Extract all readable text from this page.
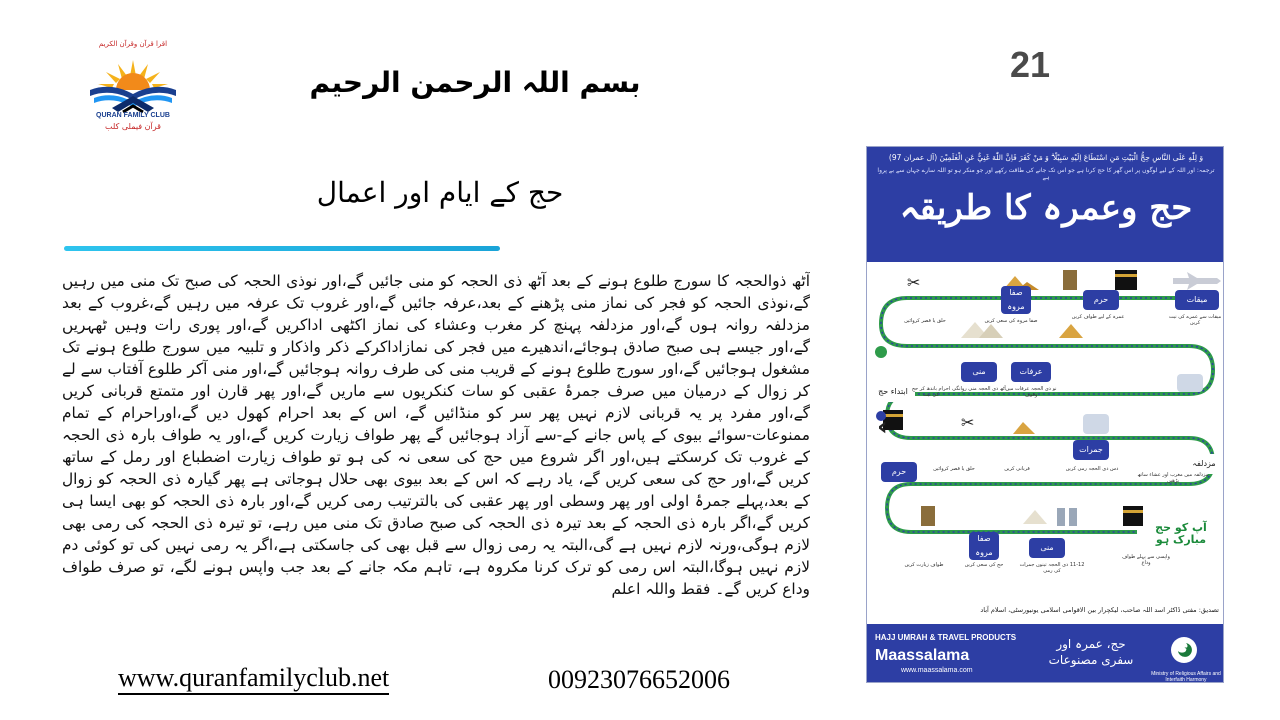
اقرا قرآن وقرآن الکریم
QURAN FAMILY CLUB
قرآن فیملی کلب
بسم اللہ الرحمن الرحیم	21
حج کے ایام اور اعمال
آٹھ ذوالحجہ کا سورج طلوع ہونے کے بعد آٹھ ذی الحجہ کو منی جائیں گے،اور نوذی الحجہ کی صبح تک منی میں رہیں گے،نوذی الحجہ کو فجر کی نماز منی پڑھنے کے بعد،عرفہ جائیں گے،اور غروب تک عرفہ میں رہیں گے،غروب کے بعد مزدلفہ روانہ ہوں گے،اور مزدلفہ پہنچ کر مغرب وعشاء کی نماز اکٹھی اداکریں گے،اور پوری رات وہیں ٹھہریں گے،اور جیسے ہی صبح صادق ہوجائے،اندھیرے میں فجر کی نمازاداکرکے ذکر واذکار و تلبیہ میں سورج طلوع ہونے تک مشغول ہوجائیں گے،اور سورج طلوع ہونے کے قریب منی کی طرف روانہ ہوجائیں گے،اور منی آکر طلوع آفتاب سے لے کر زوال کے درمیان میں صرف جمرۂ عقبی کو سات کنکریوں سے ماریں گے،اور پھر قارن اور متمتع قربانی کریں گے،اور مفرد پر یہ قربانی لازم نہیں پھر سر کو منڈائیں گے، اس کے بعد احرام کھول دیں گے،اوراحرام کے تمام ممنوعات-سوائے بیوی کے پاس جانے کے-سے آزاد ہوجائیں گے پھر طواف زیارت کریں گے،اور یہ طواف بارہ ذی الحجہ کے غروب تک کرسکتے ہیں،اور اگر شروع میں حج کی سعی نہ کی ہو تو طواف زیارت اضطباع اور رمل کے ساتھ کریں گے،اور حج کی سعی کریں گے، یاد رہے کہ اس کے بعد بیوی بھی حلال ہوجاتی ہے پھر گیارہ ذی الحجہ کو زوال کے بعد،پہلے جمرۂ اولی اور پھر وسطی اور پھر عقبی کی بالترتیب رمی کریں گے،اور بارہ ذی الحجہ کو بھی ایسا ہی کریں گے،اگر بارہ ذی الحجہ کے بعد تیرہ ذی الحجہ کی صبح صادق تک منی میں رہے، تو تیرہ ذی الحجہ کی رمی بھی لازم ہوگی،ورنہ لازم نہیں ہے گی،البتہ یہ رمی زوال سے قبل بھی کی جاسکتی ہے،اگر یہ رمی نہیں کی تو کوئی دم لازم نہیں ہوگا،البتہ اس رمی کو ترک کرنا مکروہ ہے، تاہم مکہ جانے کے بعد جب واپس ہونے لگے، تو صرف طواف وداع کریں گے۔ فقط واللہ اعلم
www.quranfamilyclub.net	00923076652006
وَ لِلّٰهِ عَلَى النَّاسِ حِجُّ الْبَيْتِ مَنِ اسْتَطَاعَ اِلَيْهِ سَبِيْلًا ۗ وَ مَنْ كَفَرَ فَاِنَّ اللّٰهَ غَنِيٌّ عَنِ الْعٰلَمِيْنَ (آل عمران 97)
ترجمہ: اور اللہ کے لیے لوگوں پر اس گھر کا حج کرنا ہے جو اس تک جانے کی طاقت رکھے اور جو منکر ہو تو اللہ سارے جہان سے بے پروا ہے
حج وعمرہ کا طریقہ
✂
✂
‹
میقات
حرم
صفا مروہ
میقات سے عمرے کی نیت کریں
عمرہ کے لیے طواف کریں
صفا مروہ کی سعی کریں
حلق یا قصر کروائیں
عرفات
منی
ابتداء حج	نو ذی الحجہ عرفات میں وقوف
آٹھ ذی الحجہ منی روانگی
احرام باندھ کر حج کی نیت
مزدلفہ
جمرات
حرم	مزدلفہ میں مغرب اور عشاء ساتھ پڑھیں
دس ذی الحجہ رمی کریں
قربانی کریں
حلق یا قصر کروائیں
منی
صفا مروہ	واپسی سے پہلے طواف وداع
11-12 ذی الحجہ تینوں جمرات کی رمی
حج کی سعی کریں
طواف زیارت کریں
آپ کو حج مبارک ہو
تصدیق: مفتی ڈاکٹر اسد اللہ صاحب، لیکچرار بین الاقوامی اسلامی یونیورسٹی، اسلام آباد
HAJJ UMRAH & TRAVEL PRODUCTS
Maassalama
www.maassalama.com
حج، عمرہ اور سفری مصنوعات
Ministry of Religious Affairs and Interfaith Harmony
